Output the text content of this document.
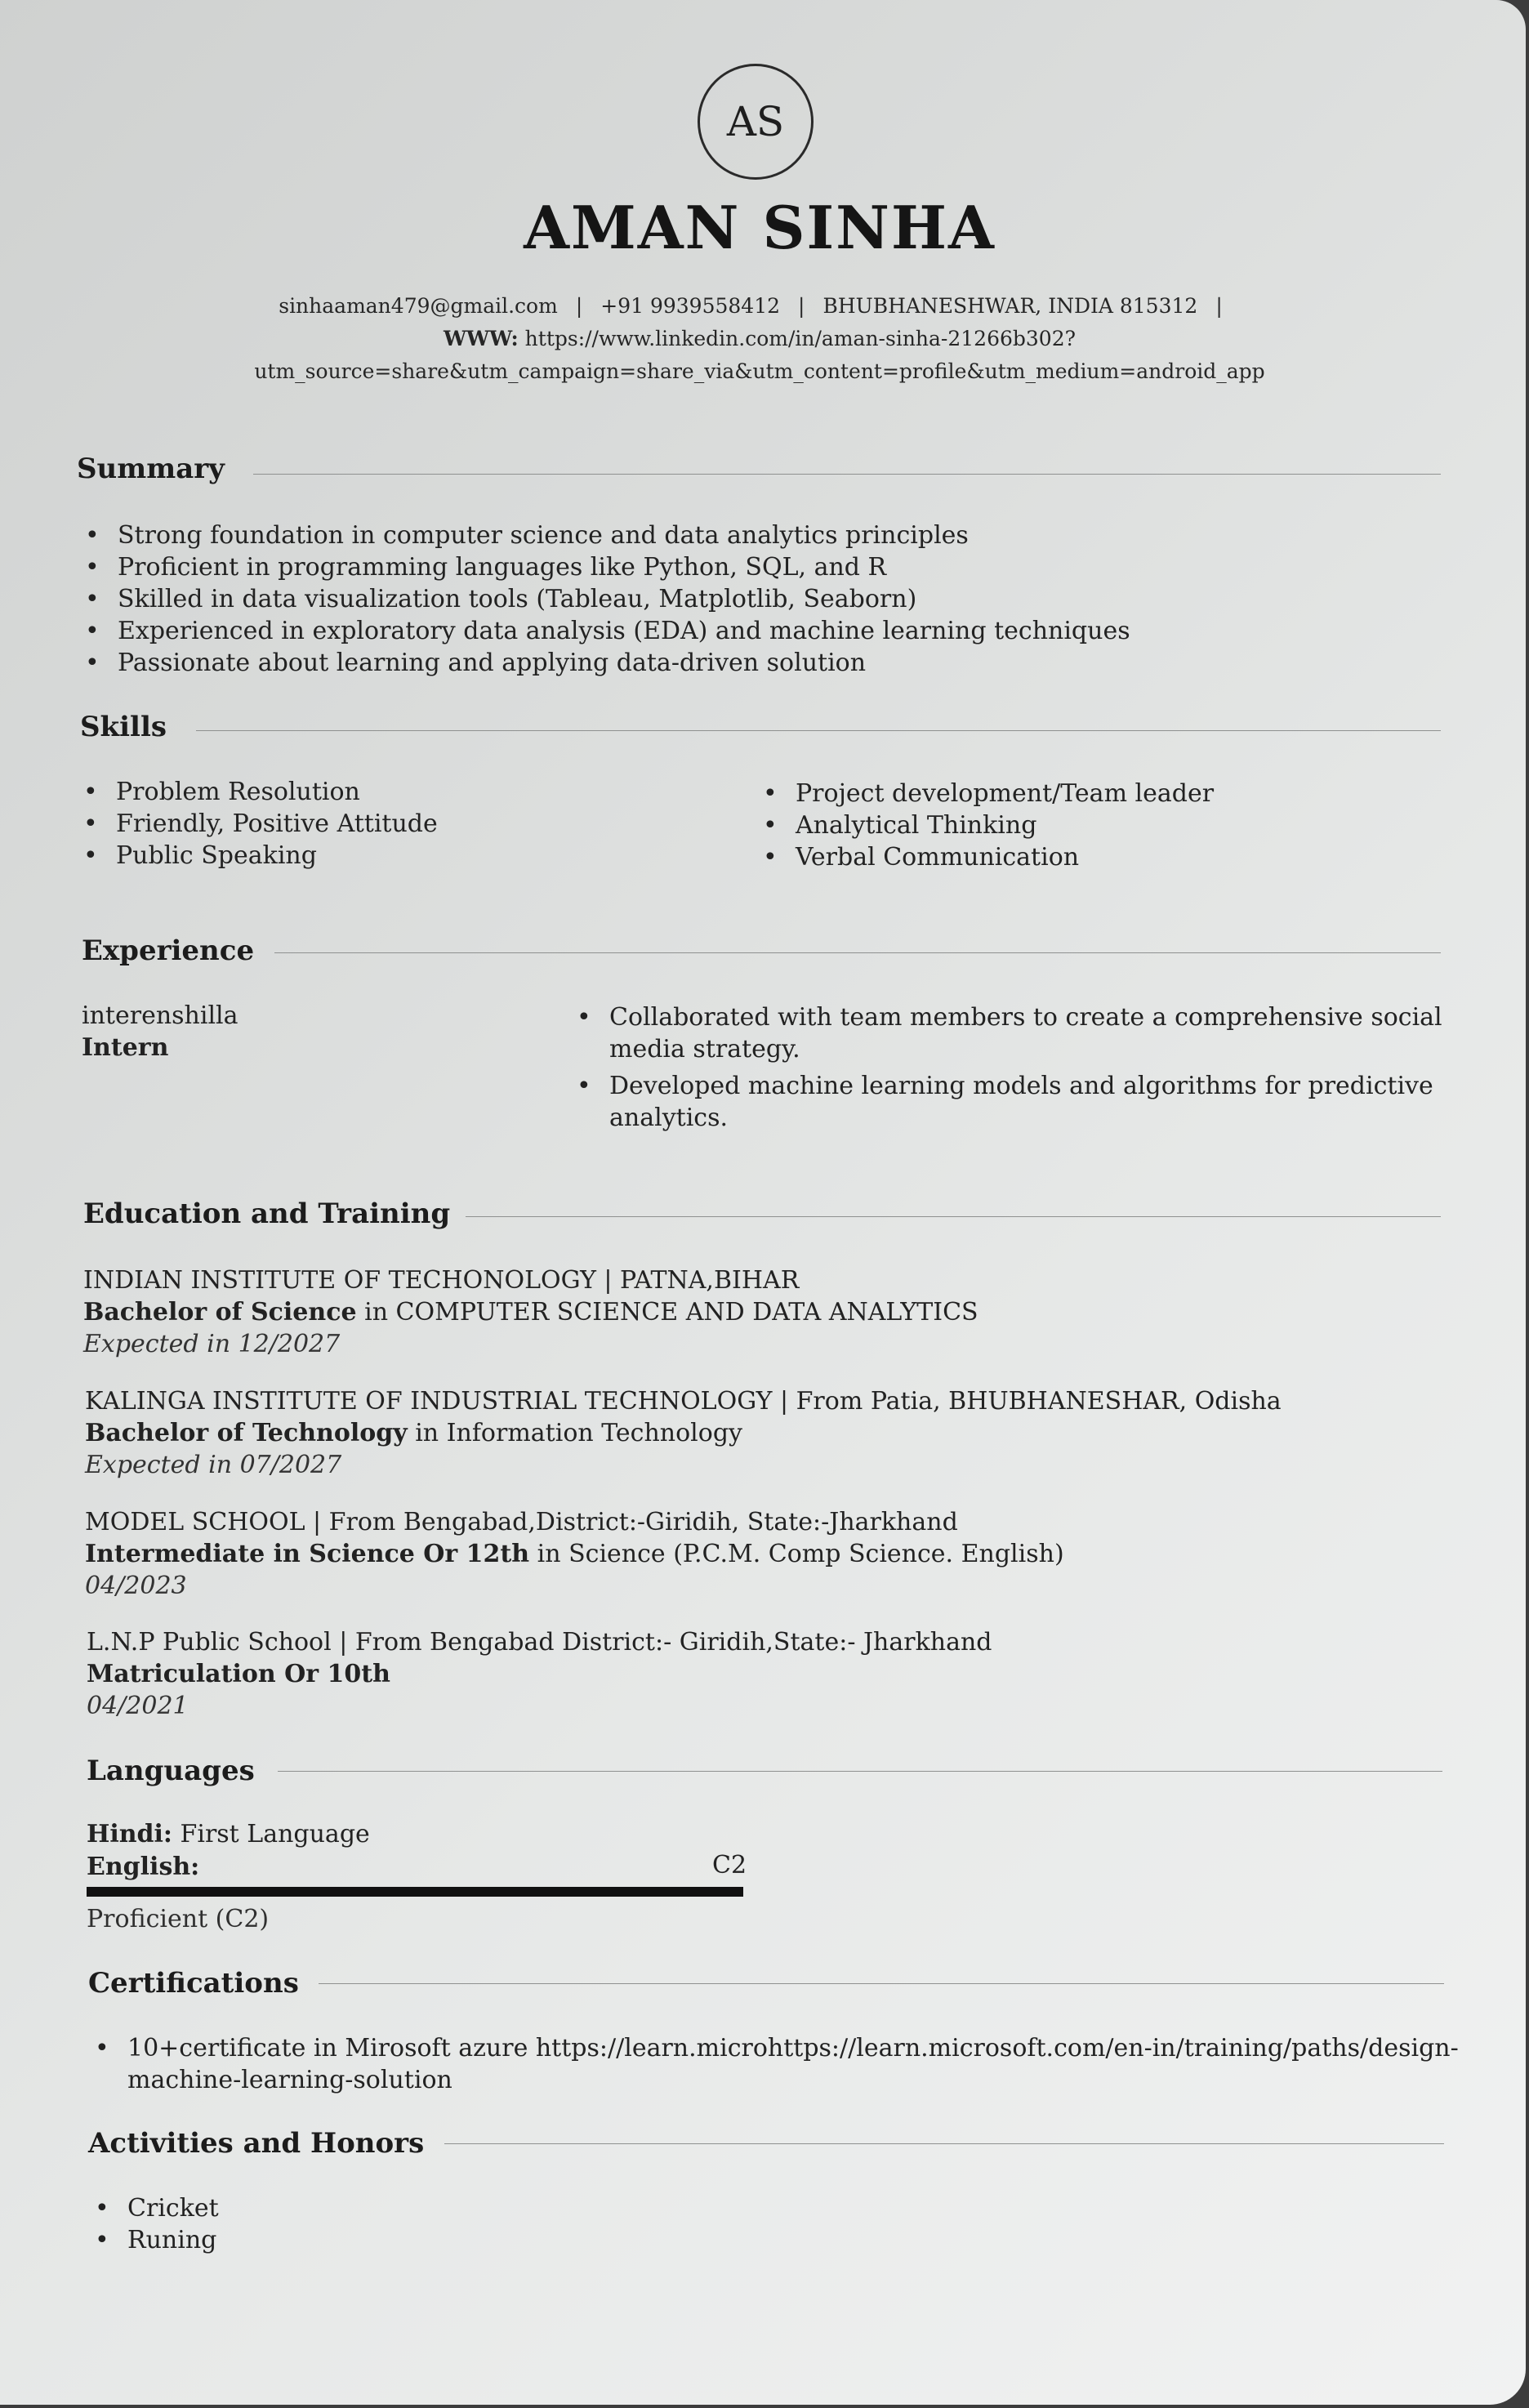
AS
AMAN SINHA
sinhaaman479@gmail.com | +91 9939558412 | BHUBHANESHWAR, INDIA 815312 |
WWW: https://www.linkedin.com/in/aman-sinha-21266b302?
utm_source=share&utm_campaign=share_via&utm_content=profile&utm_medium=android_app
Summary
• Strong foundation in computer science and data analytics principles
• Proficient in programming languages like Python, SQL, and R
• Skilled in data visualization tools (Tableau, Matplotlib, Seaborn)
• Experienced in exploratory data analysis (EDA) and machine learning techniques
• Passionate about learning and applying data-driven solution
Skills
• Problem Resolution
• Friendly, Positive Attitude
• Public Speaking
• Project development/Team leader
• Analytical Thinking
• Verbal Communication
Experience
interenshilla
Intern
• Collaborated with team members to create a comprehensive social
media strategy.
• Developed machine learning models and algorithms for predictive
analytics.
Education and Training
INDIAN INSTITUTE OF TECHONOLOGY | PATNA,BIHAR
Bachelor of Science in COMPUTER SCIENCE AND DATA ANALYTICS
Expected in 12/2027
KALINGA INSTITUTE OF INDUSTRIAL TECHNOLOGY | From Patia, BHUBHANESHAR, Odisha
Bachelor of Technology in Information Technology
Expected in 07/2027
MODEL SCHOOL | From Bengabad,District:-Giridih, State:-Jharkhand
Intermediate in Science Or 12th in Science (P.C.M. Comp Science. English)
04/2023
L.N.P Public School | From Bengabad District:- Giridih,State:- Jharkhand
Matriculation Or 10th
04/2021
Languages
Hindi: First Language
English:	C2
Proficient (C2)
Certifications
• 10+certificate in Mirosoft azure https://learn.microhttps://learn.microsoft.com/en-in/training/paths/design-
machine-learning-solution
Activities and Honors
• Cricket
• Runing
